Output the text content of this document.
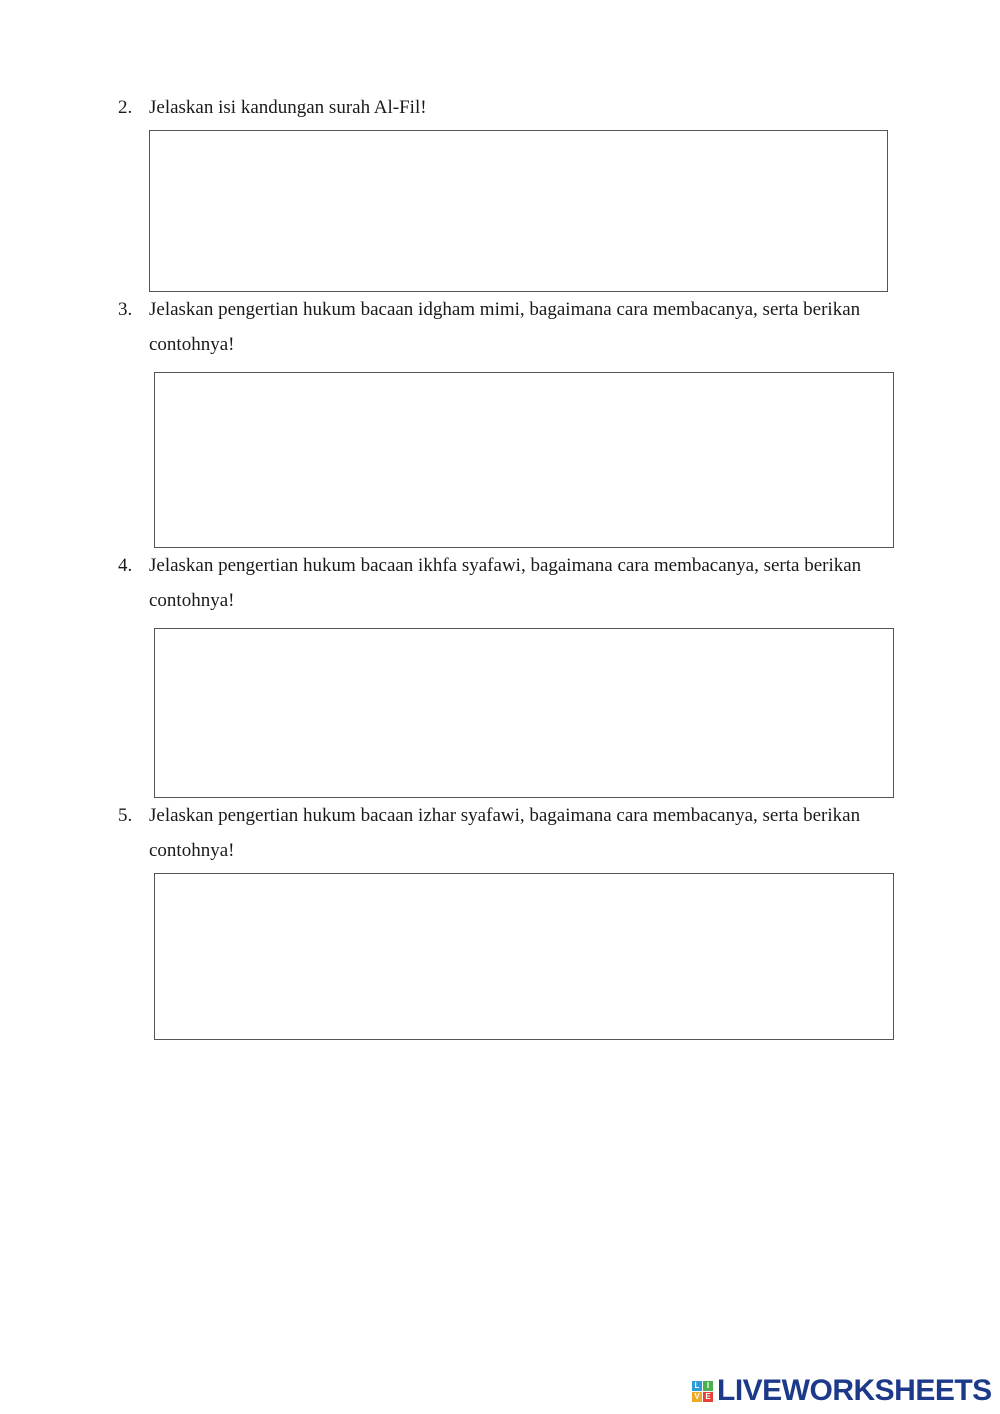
2. Jelaskan isi kandungan surah Al-Fil!
3. Jelaskan pengertian hukum bacaan idgham mimi, bagaimana cara membacanya, serta berikan contohnya!
4. Jelaskan pengertian hukum bacaan ikhfa syafawi, bagaimana cara membacanya, serta berikan contohnya!
5. Jelaskan pengertian hukum bacaan izhar syafawi, bagaimana cara membacanya, serta berikan contohnya!
L I
V E LIVEWORKSHEETS
